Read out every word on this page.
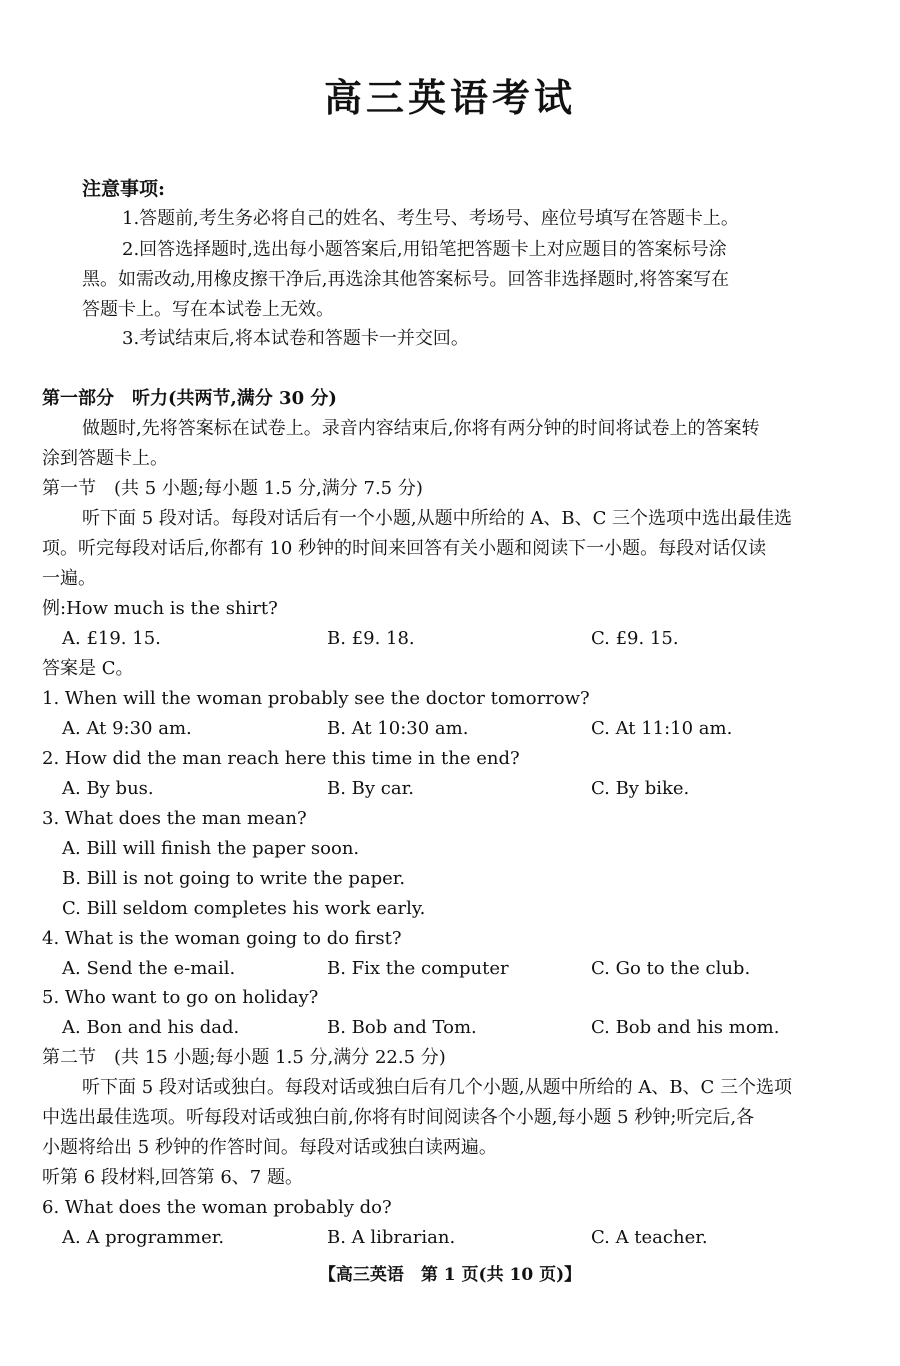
高三英语考试
注意事项:
1.答题前,考生务必将自己的姓名、考生号、考场号、座位号填写在答题卡上。
2.回答选择题时,选出每小题答案后,用铅笔把答题卡上对应题目的答案标号涂
黑。如需改动,用橡皮擦干净后,再选涂其他答案标号。回答非选择题时,将答案写在
答题卡上。写在本试卷上无效。
3.考试结束后,将本试卷和答题卡一并交回。
第一部分　听力(共两节,满分 30 分)
做题时,先将答案标在试卷上。录音内容结束后,你将有两分钟的时间将试卷上的答案转
涂到答题卡上。
第一节　(共 5 小题;每小题 1.5 分,满分 7.5 分)
听下面 5 段对话。每段对话后有一个小题,从题中所给的 A、B、C 三个选项中选出最佳选
项。听完每段对话后,你都有 10 秒钟的时间来回答有关小题和阅读下一小题。每段对话仅读
一遍。
例:How much is the shirt?
A. £19. 15.	B. £9. 18.	C. £9. 15.
答案是 C。
1. When will the woman probably see the doctor tomorrow?
A. At 9:30 am.	B. At 10:30 am.	C. At 11:10 am.
2. How did the man reach here this time in the end?
A. By bus.	B. By car.	C. By bike.
3. What does the man mean?
A. Bill will finish the paper soon.
B. Bill is not going to write the paper.
C. Bill seldom completes his work early.
4. What is the woman going to do first?
A. Send the e-mail.	B. Fix the computer	C. Go to the club.
5. Who want to go on holiday?
A. Bon and his dad.	B. Bob and Tom.	C. Bob and his mom.
第二节　(共 15 小题;每小题 1.5 分,满分 22.5 分)
听下面 5 段对话或独白。每段对话或独白后有几个小题,从题中所给的 A、B、C 三个选项
中选出最佳选项。听每段对话或独白前,你将有时间阅读各个小题,每小题 5 秒钟;听完后,各
小题将给出 5 秒钟的作答时间。每段对话或独白读两遍。
听第 6 段材料,回答第 6、7 题。
6. What does the woman probably do?
A. A programmer.	B. A librarian.	C. A teacher.
【高三英语　第 1 页(共 10 页)】
